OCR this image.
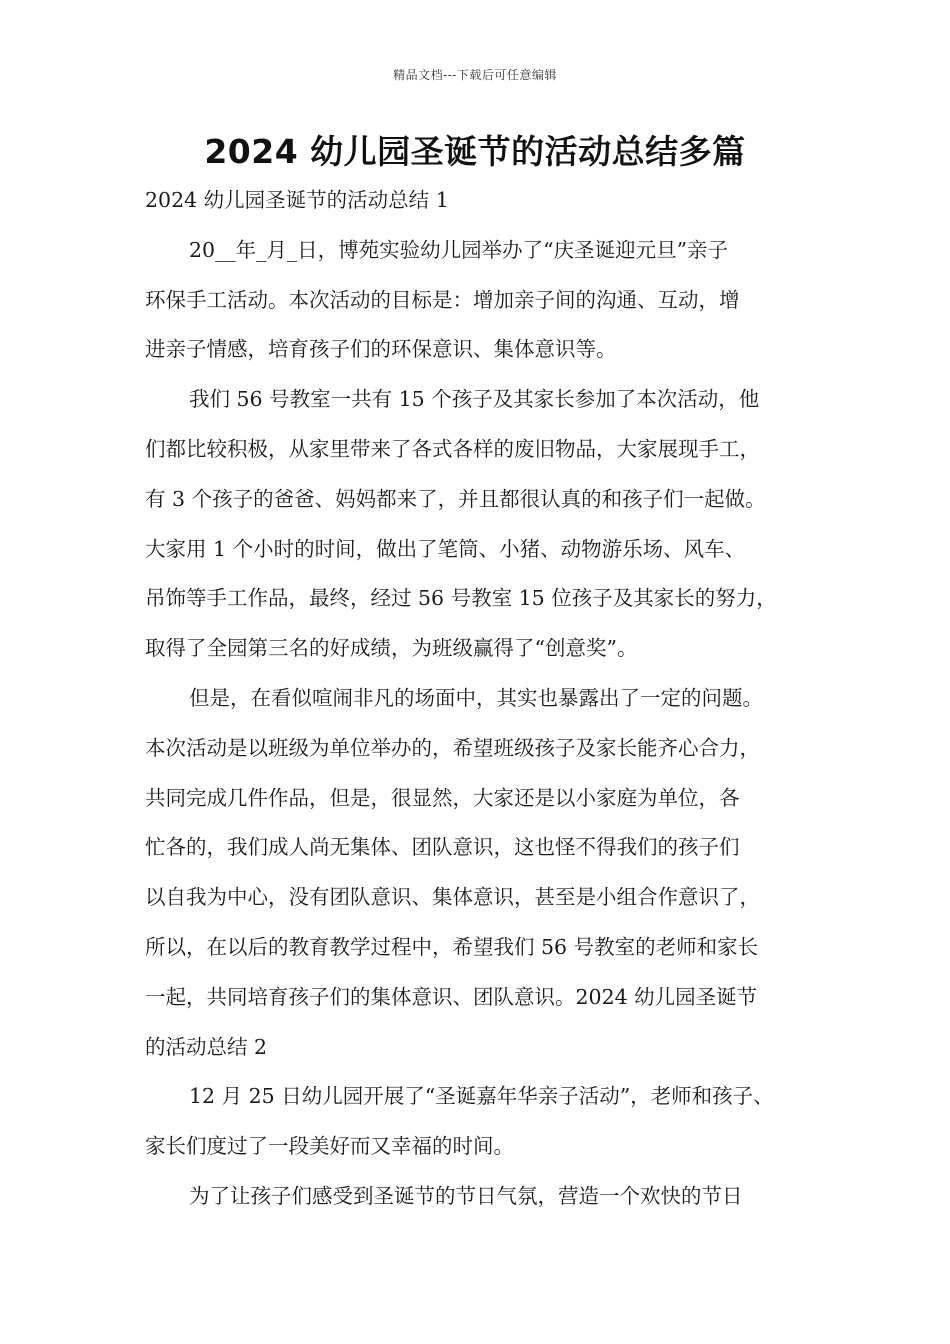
精品文档---下载后可任意编辑
2024 幼儿园圣诞节的活动总结多篇
2024 幼儿园圣诞节的活动总结 1
20__年_月_日，博苑实验幼儿园举办了“庆圣诞迎元旦”亲子
环保手工活动。本次活动的目标是：增加亲子间的沟通、互动，增
进亲子情感，培育孩子们的环保意识、集体意识等。
我们 56 号教室一共有 15 个孩子及其家长参加了本次活动，他
们都比较积极，从家里带来了各式各样的废旧物品，大家展现手工，
有 3 个孩子的爸爸、妈妈都来了，并且都很认真的和孩子们一起做。
大家用 1 个小时的时间，做出了笔筒、小猪、动物游乐场、风车、
吊饰等手工作品，最终，经过 56 号教室 15 位孩子及其家长的努力，
取得了全园第三名的好成绩，为班级赢得了“创意奖”。
但是，在看似喧闹非凡的场面中，其实也暴露出了一定的问题。
本次活动是以班级为单位举办的，希望班级孩子及家长能齐心合力，
共同完成几件作品，但是，很显然，大家还是以小家庭为单位，各
忙各的，我们成人尚无集体、团队意识，这也怪不得我们的孩子们
以自我为中心，没有团队意识、集体意识，甚至是小组合作意识了，
所以，在以后的教育教学过程中，希望我们 56 号教室的老师和家长
一起，共同培育孩子们的集体意识、团队意识。2024 幼儿园圣诞节
的活动总结 2
12 月 25 日幼儿园开展了“圣诞嘉年华亲子活动”，老师和孩子、
家长们度过了一段美好而又幸福的时间。
为了让孩子们感受到圣诞节的节日气氛，营造一个欢快的节日
